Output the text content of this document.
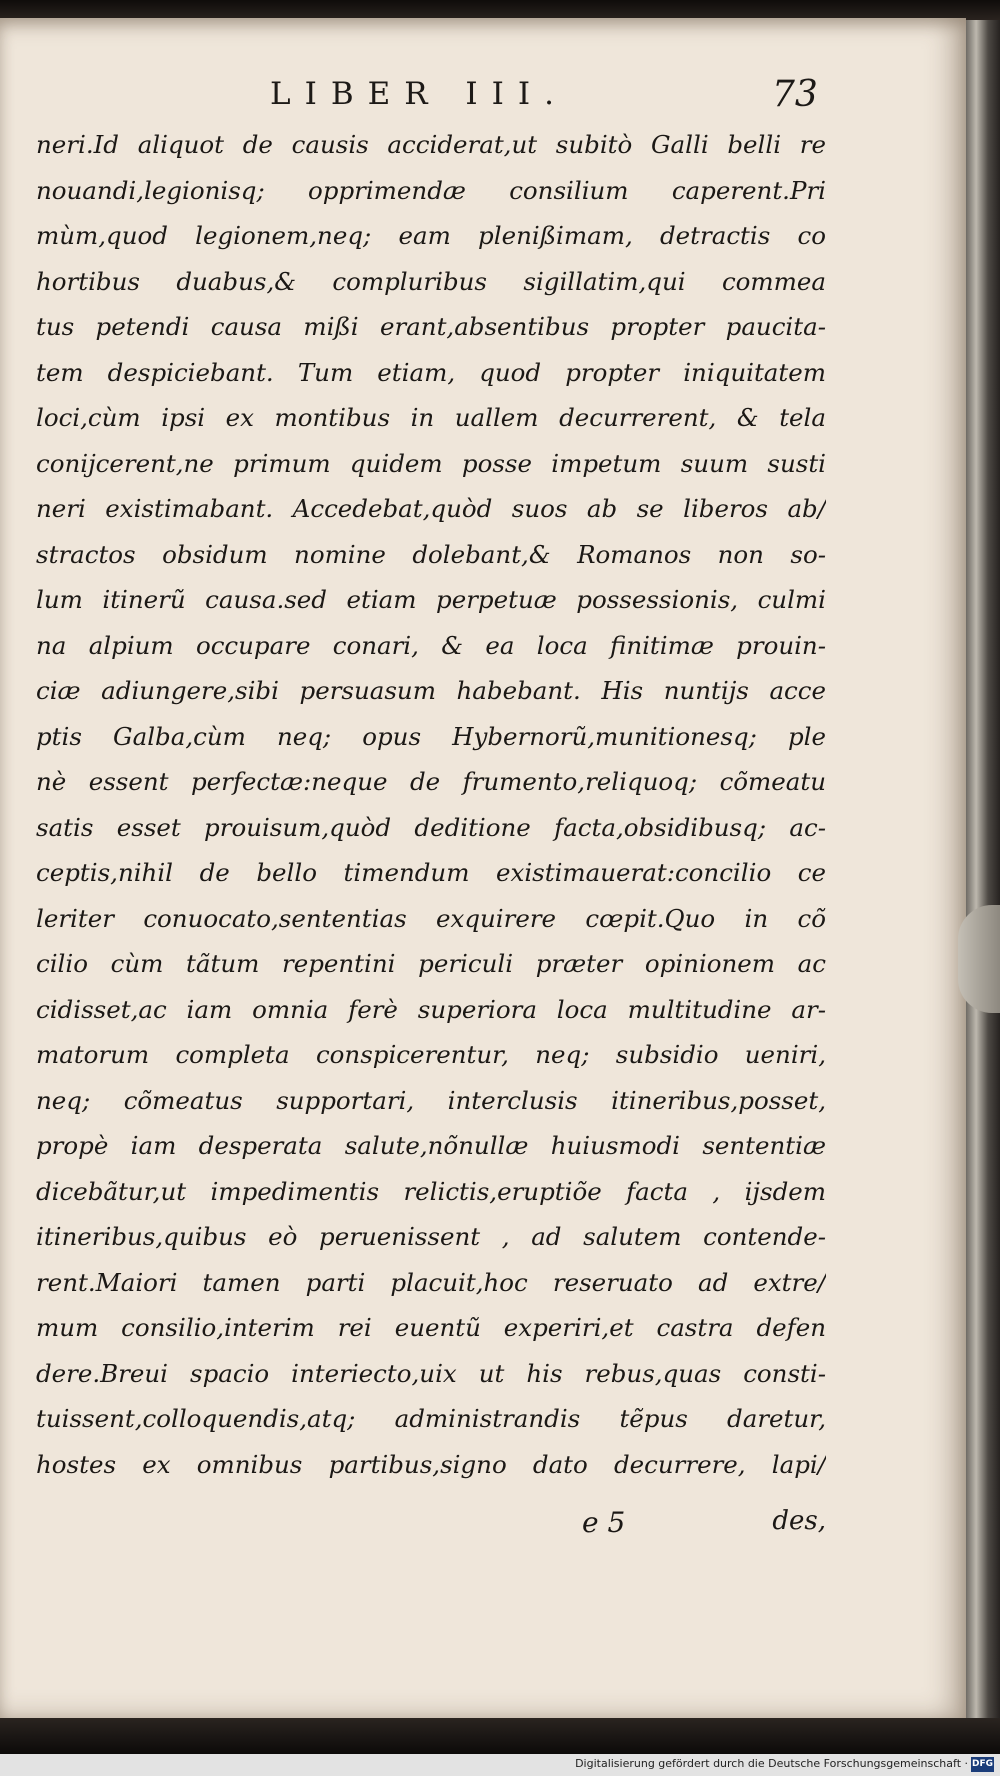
LIBER III.	73
neri.Id aliquot de causis acciderat,ut subitò Galli belli re
nouandi,legionisq; opprimendæ consilium caperent.Pri
mùm,quod legionem,neq; eam plenißimam, detractis co
hortibus duabus,& compluribus sigillatim,qui commea
tus petendi causa mißi erant,absentibus propter paucita-
tem despiciebant. Tum etiam, quod propter iniquitatem
loci,cùm ipsi ex montibus in uallem decurrerent, & tela
conijcerent,ne primum quidem posse impetum suum susti
neri existimabant. Accedebat,quòd suos ab se liberos ab/
stractos obsidum nomine dolebant,& Romanos non so-
lum itinerũ causa.sed etiam perpetuæ possessionis, culmi
na alpium occupare conari, & ea loca finitimæ prouin-
ciæ adiungere,sibi persuasum habebant. His nuntijs acce
ptis Galba,cùm neq; opus Hybernorũ,munitionesq; ple
nè essent perfectæ:neque de frumento,reliquoq; cõmeatu
satis esset prouisum,quòd deditione facta,obsidibusq; ac-
ceptis,nihil de bello timendum existimauerat:concilio ce
leriter conuocato,sententias exquirere cœpit.Quo in cõ
cilio cùm tãtum repentini periculi præter opinionem ac
cidisset,ac iam omnia ferè superiora loca multitudine ar-
matorum completa conspicerentur, neq; subsidio ueniri,
neq; cõmeatus supportari, interclusis itineribus,posset,
propè iam desperata salute,nõnullæ huiusmodi sententiæ
dicebãtur,ut impedimentis relictis,eruptiõe facta , ijsdem
itineribus,quibus eò peruenissent , ad salutem contende-
rent.Maiori tamen parti placuit,hoc reseruato ad extre/
mum consilio,interim rei euentũ experiri,et castra defen
dere.Breui spacio interiecto,uix ut his rebus,quas consti-
tuissent,colloquendis,atq; administrandis tẽpus daretur,
hostes ex omnibus partibus,signo dato decurrere, lapi/
e 5	des,
Digitalisierung gefördert durch die Deutsche Forschungsgemeinschaft · DFG
